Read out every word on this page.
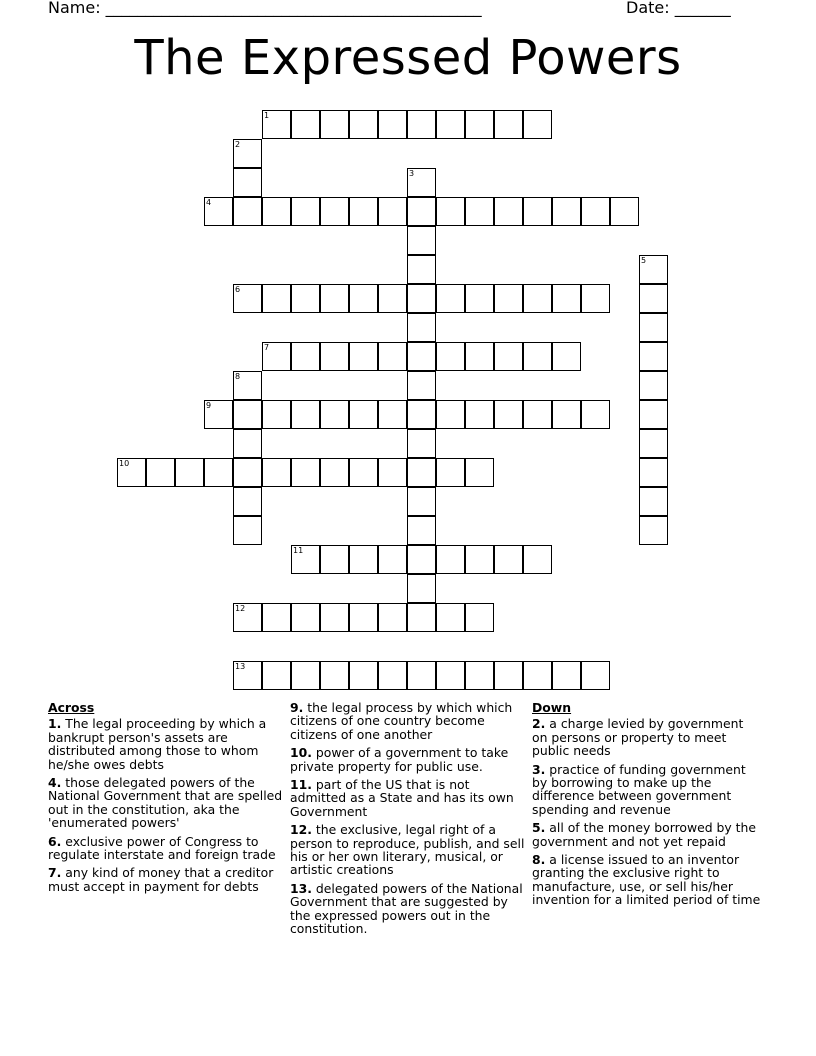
Name: _______________________________________________	Date: _______
The Expressed Powers
1
4
6
7
9
10
11
12
13
2
3
5
8
Across
1. The legal proceeding by which a bankrupt person's assets are distributed among those to whom he/she owes debts
4. those delegated powers of the National Government that are spelled out in the constitution, aka the 'enumerated powers'
6. exclusive power of Congress to regulate interstate and foreign trade
7. any kind of money that a creditor must accept in payment for debts
9. the legal process by which which citizens of one country become citizens of one another
10. power of a government to take private property for public use.
11. part of the US that is not admitted as a State and has its own Government
12. the exclusive, legal right of a person to reproduce, publish, and sell his or her own literary, musical, or artistic creations
13. delegated powers of the National Government that are suggested by the expressed powers out in the constitution.
Down
2. a charge levied by government on persons or property to meet public needs
3. practice of funding government by borrowing to make up the difference between government spending and revenue
5. all of the money borrowed by the government and not yet repaid
8. a license issued to an inventor granting the exclusive right to manufacture, use, or sell his/her invention for a limited period of time
